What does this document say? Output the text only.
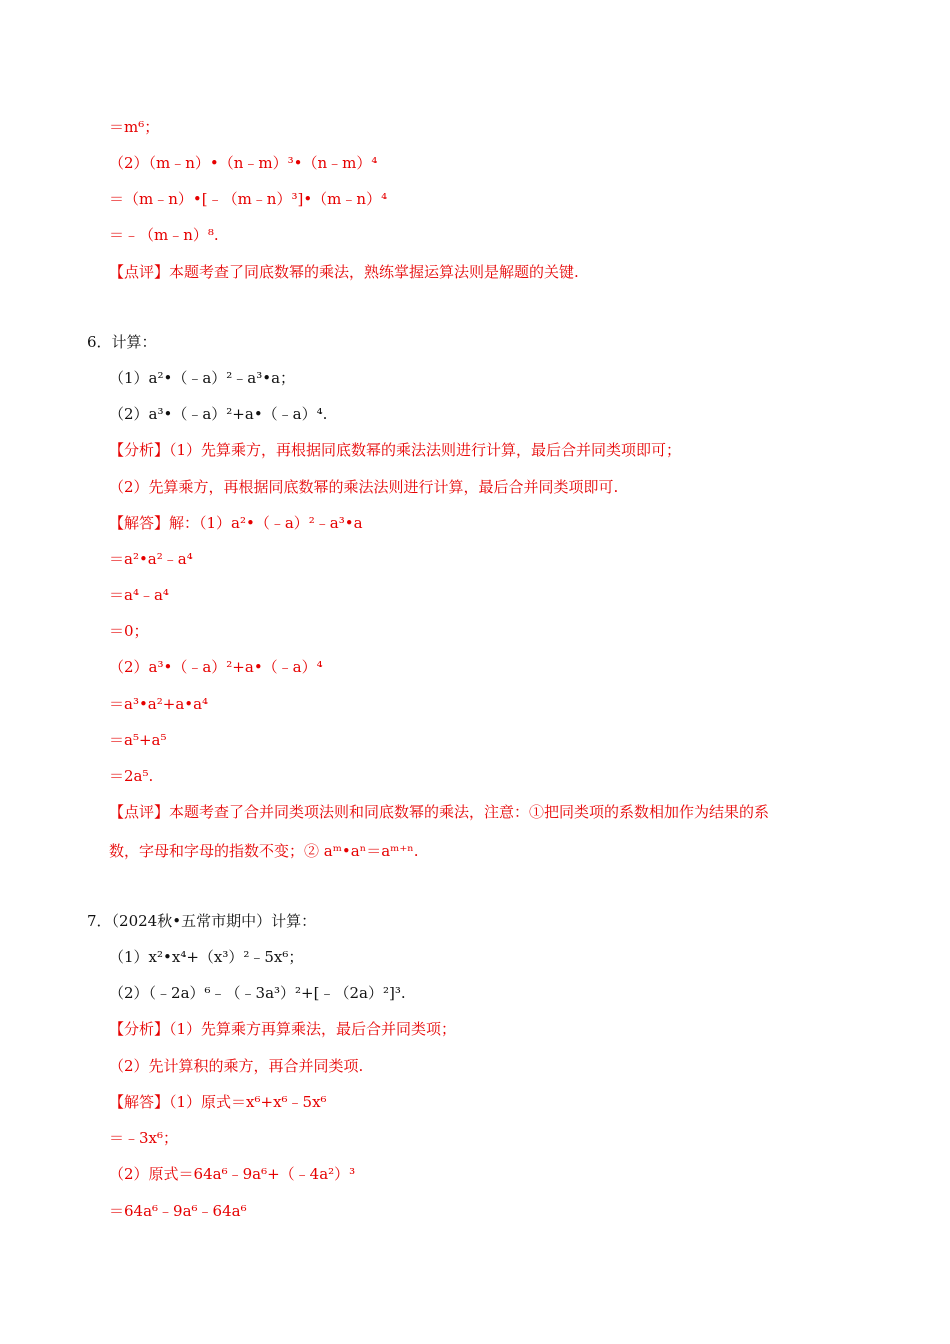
＝m⁶；
（2）（m﹣n）•（n﹣m）³•（n﹣m）⁴
＝（m﹣n）•[﹣（m﹣n）³]•（m﹣n）⁴
＝﹣（m﹣n）⁸.
【点评】本题考查了同底数幂的乘法，熟练掌握运算法则是解题的关键.
6．计算：
（1）a²•（﹣a）²﹣a³•a；
（2）a³•（﹣a）²+a•（﹣a）⁴.
【分析】（1）先算乘方，再根据同底数幂的乘法法则进行计算，最后合并同类项即可；
（2）先算乘方，再根据同底数幂的乘法法则进行计算，最后合并同类项即可.
【解答】解：（1）a²•（﹣a）²﹣a³•a
＝a²•a²﹣a⁴
＝a⁴﹣a⁴
＝0；
（2）a³•（﹣a）²+a•（﹣a）⁴
＝a³•a²+a•a⁴
＝a⁵+a⁵
＝2a⁵.
【点评】本题考查了合并同类项法则和同底数幂的乘法，注意：①把同类项的系数相加作为结果的系
数，字母和字母的指数不变；② aᵐ•aⁿ＝aᵐ⁺ⁿ.
7．（2024秋•五常市期中）计算：
（1）x²•x⁴+（x³）²﹣5x⁶；
（2）（﹣2a）⁶﹣（﹣3a³）²+[﹣（2a）²]³.
【分析】（1）先算乘方再算乘法，最后合并同类项；
（2）先计算积的乘方，再合并同类项.
【解答】（1）原式＝x⁶+x⁶﹣5x⁶
＝﹣3x⁶；
（2）原式＝64a⁶﹣9a⁶+（﹣4a²）³
＝64a⁶﹣9a⁶﹣64a⁶
